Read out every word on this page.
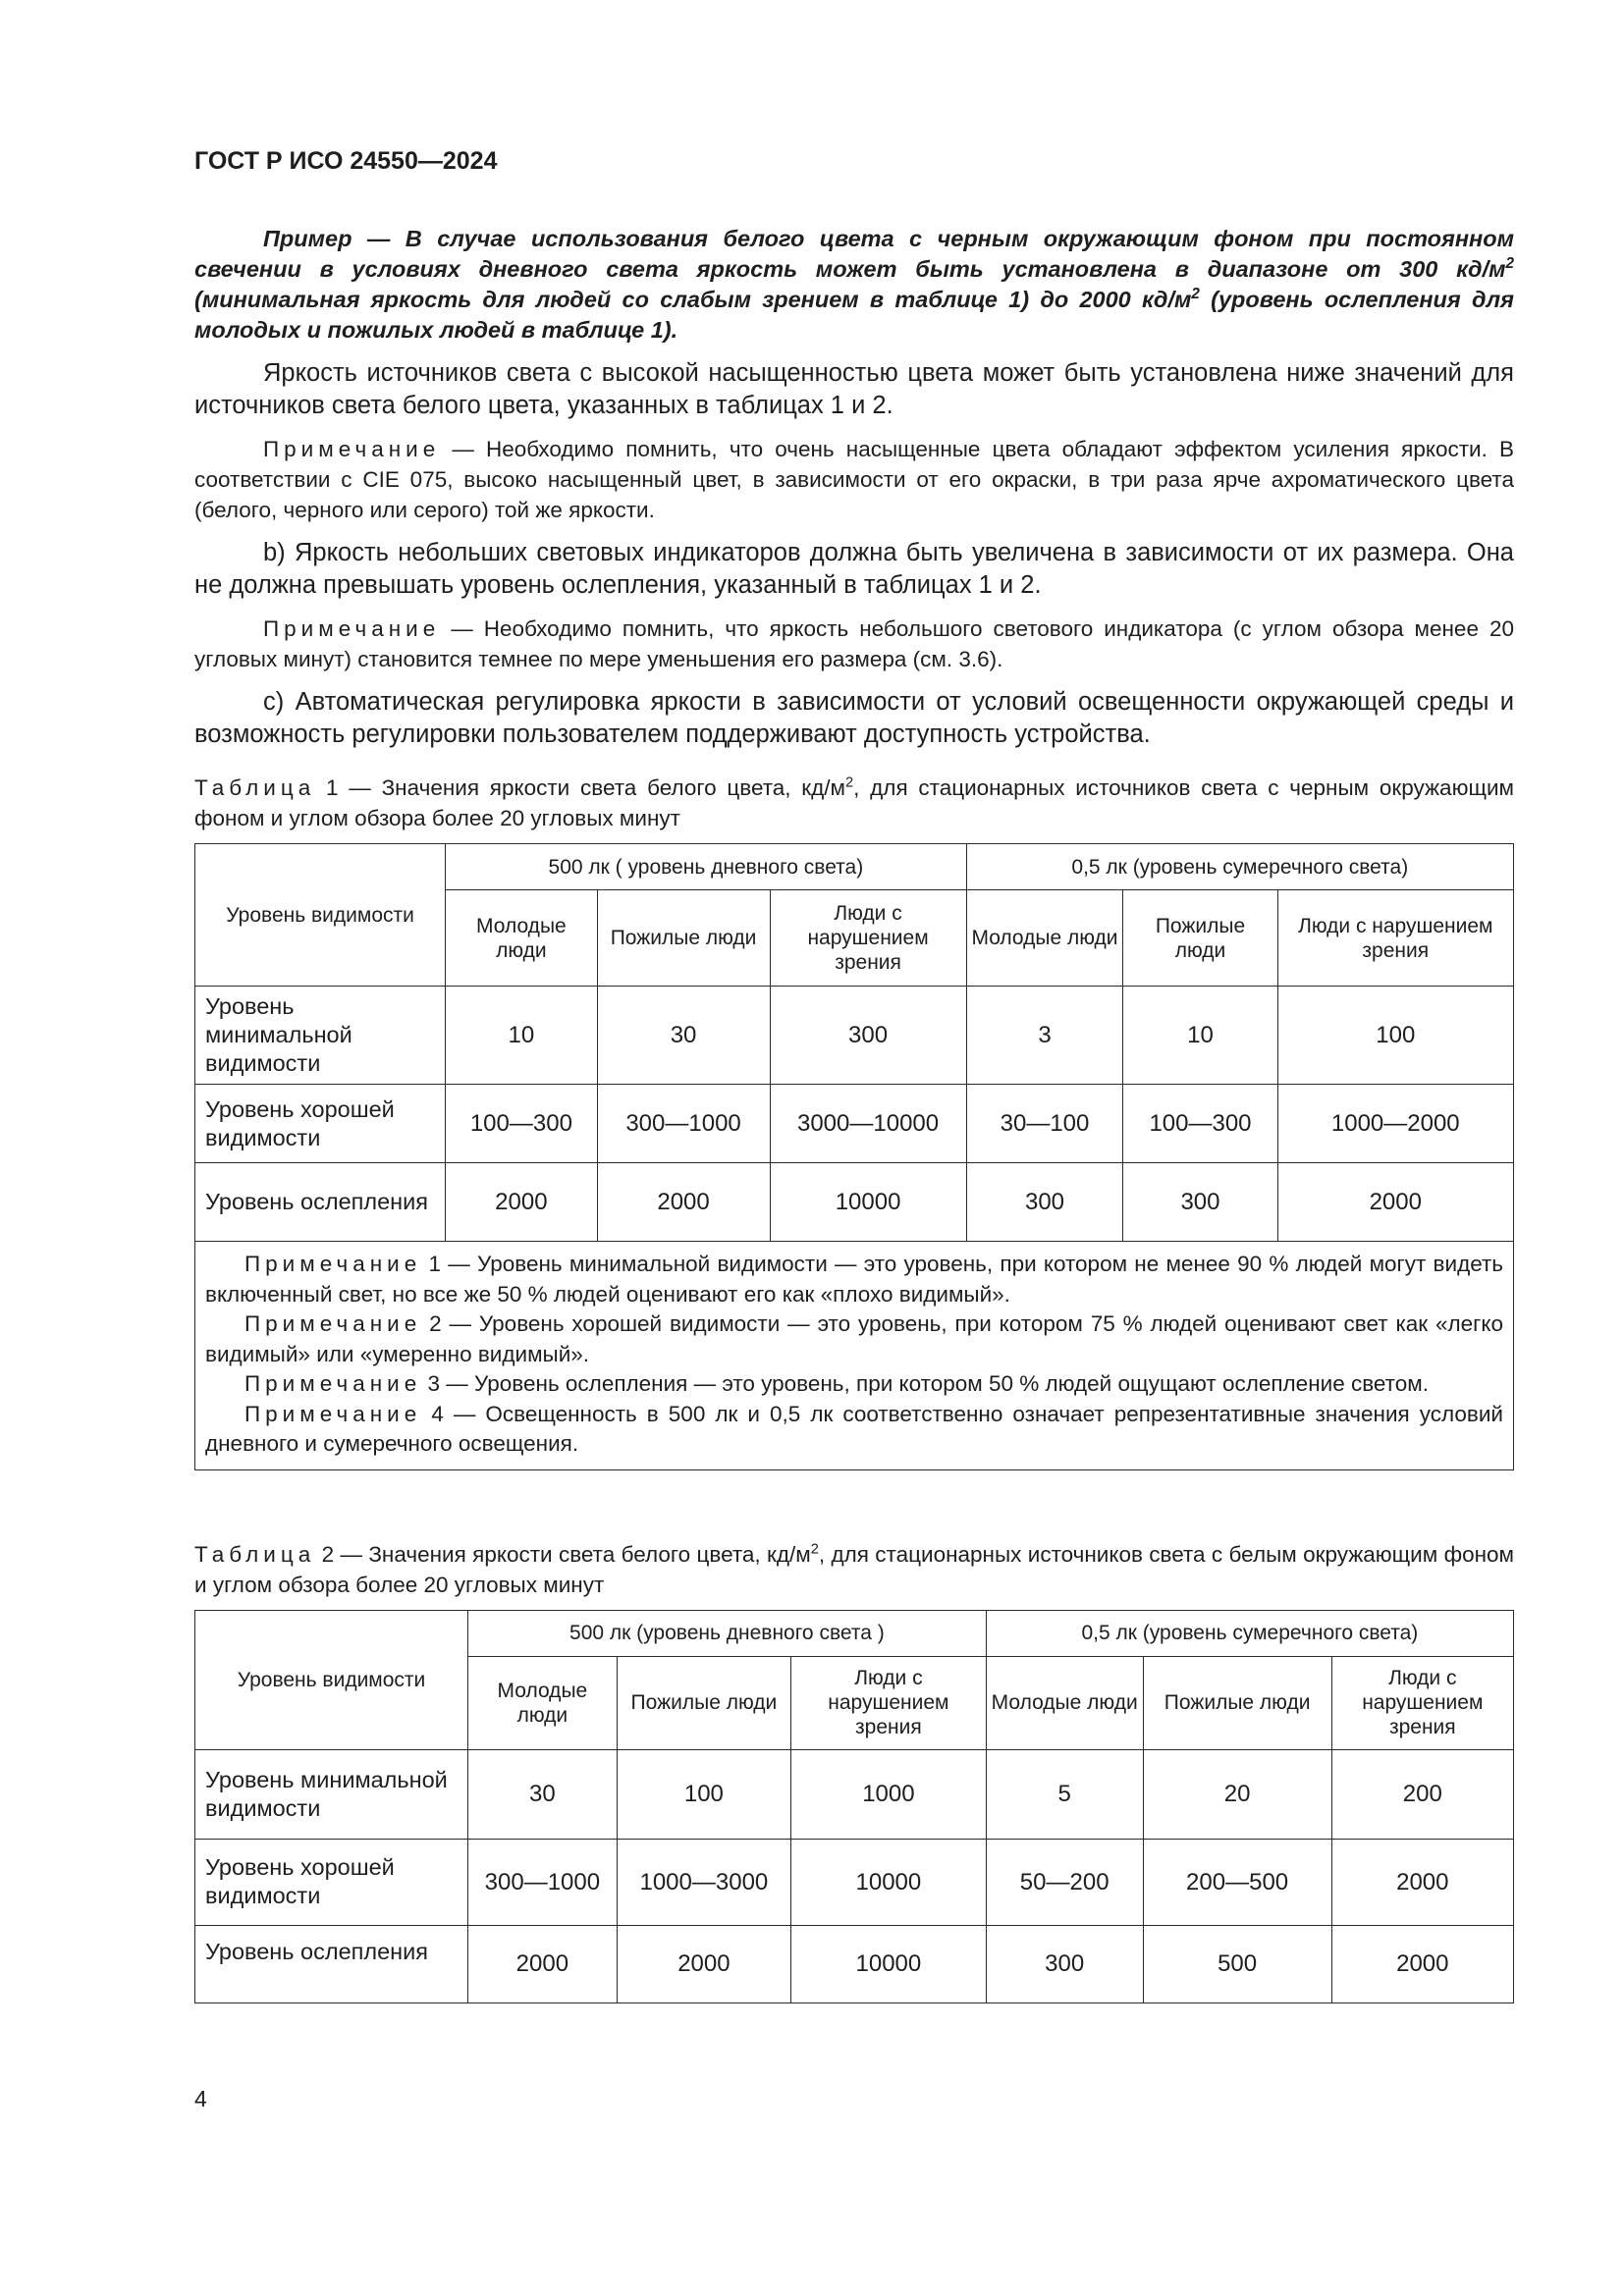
ГОСТ Р ИСО 24550—2024

Пример — В случае использования белого цвета с черным окружающим фоном при постоянном свечении в условиях дневного света яркость может быть установлена в диапазоне от 300 $кд/м^2$ (минимальная яркость для людей со слабым зрением в таблице 1) до 2000 $кд/м^2$ (уровень ослепления для молодых и пожилых людей в таблице 1).

Яркость источников света с высокой насыщенностью цвета может быть установлена ниже значений для источников света белого цвета, указанных в таблицах 1 и 2.

Примечание — Необходимо помнить, что очень насыщенные цвета обладают эффектом усиления яркости. В соответствии с CIE 075, высоко насыщенный цвет, в зависимости от его окраски, в три раза ярче ахроматического цвета (белого, черного или серого) той же яркости.

b) Яркость небольших световых индикаторов должна быть увеличена в зависимости от их размера. Она не должна превышать уровень ослепления, указанный в таблицах 1 и 2.

Примечание — Необходимо помнить, что яркость небольшого светового индикатора (с углом обзора менее 20 угловых минут) становится темнее по мере уменьшения его размера (см. 3.6).

c) Автоматическая регулировка яркости в зависимости от условий освещенности окружающей среды и возможность регулировки пользователем поддерживают доступность устройства.

Таблица 1 — Значения яркости света белого цвета, $кд/м^2$, для стационарных источников света с черным окружающим фоном и углом обзора более 20 угловых минут
Уровень видимости	500 лк ( уровень дневного света)			0,5 лк (уровень сумеречного света)		
	Молодые люди	Пожилые люди	Люди с нарушением зрения	Молодые люди	Пожилые люди	Люди с нарушением зрения
Уровень минимальной видимости	10	30	300	3	10	100
Уровень хорошей видимости	100—300	300—1000	3000—10000	30—100	100—300	1000—2000
Уровень ослепления	2000	2000	10000	300	300	2000

Примечание 1 — Уровень минимальной видимости — это уровень, при котором не менее 90 % людей могут видеть включенный свет, но все же 50 % людей оценивают его как «плохо видимый».
Примечание 2 — Уровень хорошей видимости — это уровень, при котором 75 % людей оценивают свет как «легко видимый» или «умеренно видимый».
Примечание 3 — Уровень ослепления — это уровень, при котором 50 % людей ощущают ослепление светом.
Примечание 4 — Освещенность в 500 лк и 0,5 лк соответственно означает репрезентативные значения условий дневного и сумеречного освещения.						
Таблица 2 — Значения яркости света белого цвета, $кд/м^2$, для стационарных источников света с белым окружающим фоном и углом обзора более 20 угловых минут
Уровень видимости	500 лк (уровень дневного света )			0,5 лк (уровень сумеречного света)		
	Молодые люди	Пожилые люди	Люди с нарушением зрения	Молодые люди	Пожилые люди	Люди с нарушением зрения
Уровень минимальной видимости	30	100	1000	5	20	200
Уровень хорошей видимости	300—1000	1000—3000	10000	50—200	200—500	2000
Уровень ослепления	2000	2000	10000	300	500	2000
4
